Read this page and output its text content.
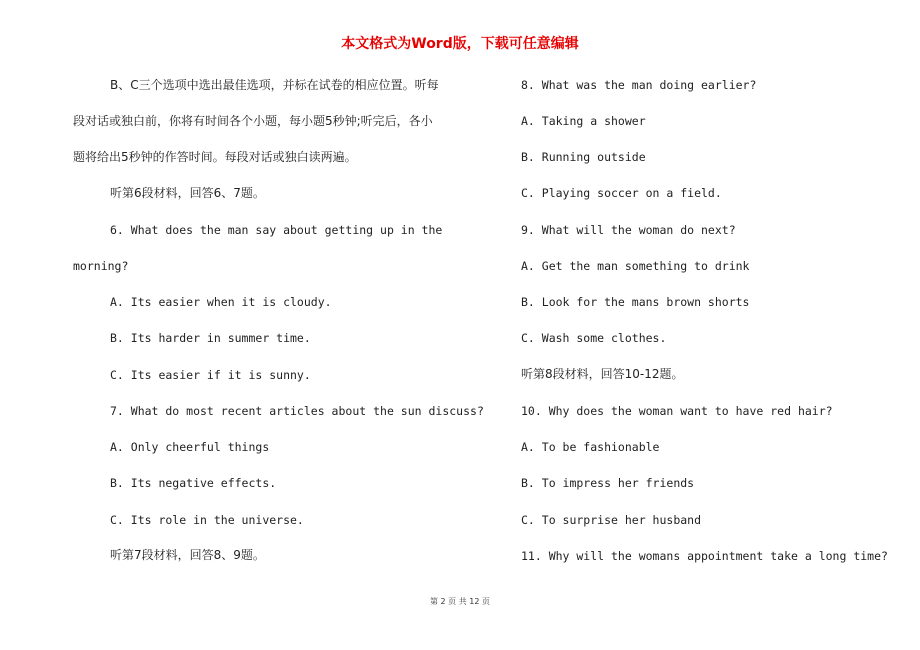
本文格式为Word版，下载可任意编辑
B、C三个选项中选出最佳选项，并标在试卷的相应位置。听每
段对话或独白前，你将有时间各个小题，每小题5秒钟;听完后，各小
题将给出5秒钟的作答时间。每段对话或独白读两遍。
听第6段材料，回答6、7题。
6. What does the man say about getting up in the
morning?
A. Its easier when it is cloudy.
B. Its harder in summer time.
C. Its easier if it is sunny.
7. What do most recent articles about the sun discuss?
A. Only cheerful things
B. Its negative effects.
C. Its role in the universe.
听第7段材料，回答8、9题。
8. What was the man doing earlier?
A. Taking a shower
B. Running outside
C. Playing soccer on a field.
9. What will the woman do next?
A. Get the man something to drink
B. Look for the mans brown shorts
C. Wash some clothes.
听第8段材料，回答10-12题。
10. Why does the woman want to have red hair?
A. To be fashionable
B. To impress her friends
C. To surprise her husband
11. Why will the womans appointment take a long time?
第 2 页 共 12 页
